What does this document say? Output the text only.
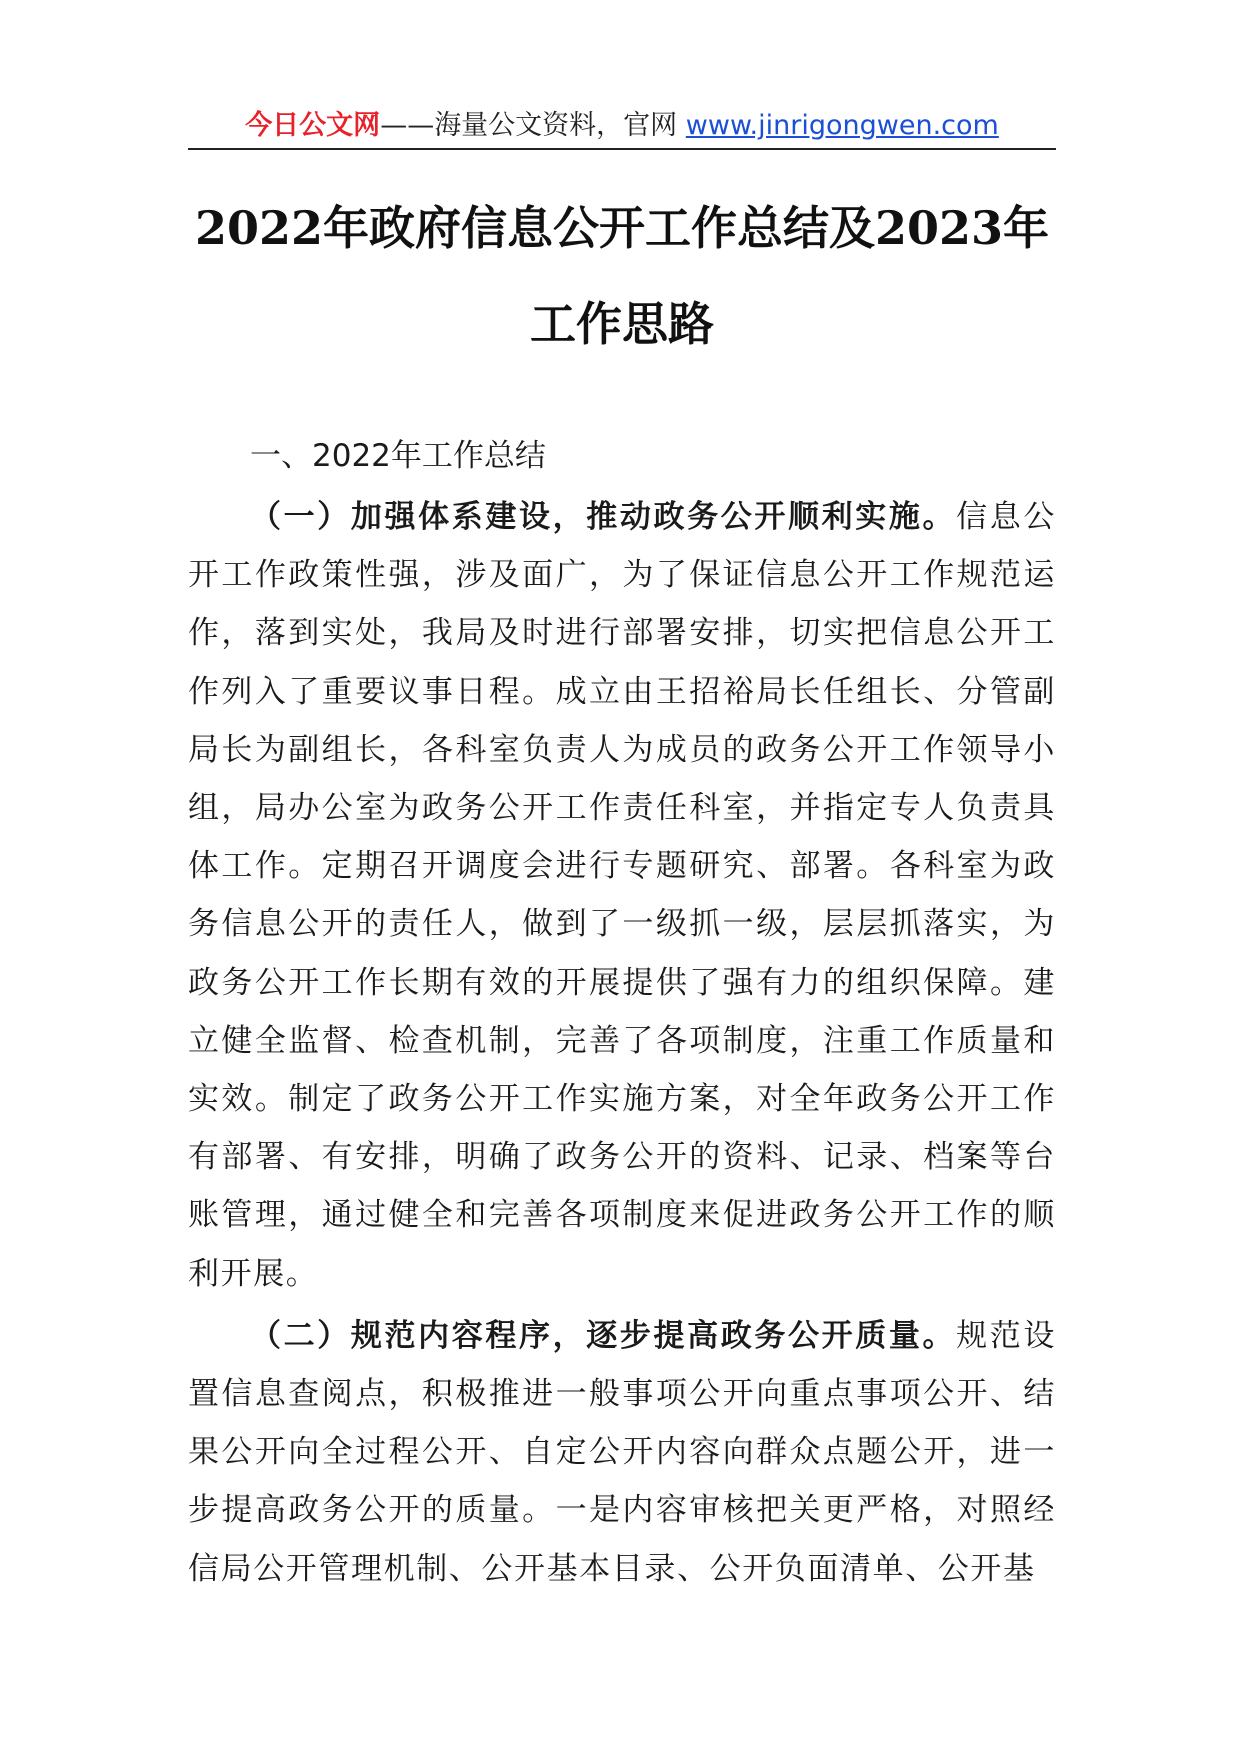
今日公文网——海量公文资料，官网 www.jinrigongwen.com
2022年政府信息公开工作总结及2023年工作思路
一、2022年工作总结

（一）加强体系建设，推动政务公开顺利实施。信息公开工作政策性强，涉及面广，为了保证信息公开工作规范运作，落到实处，我局及时进行部署安排，切实把信息公开工作列入了重要议事日程。成立由王招裕局长任组长、分管副局长为副组长，各科室负责人为成员的政务公开工作领导小组，局办公室为政务公开工作责任科室，并指定专人负责具体工作。定期召开调度会进行专题研究、部署。各科室为政务信息公开的责任人，做到了一级抓一级，层层抓落实，为政务公开工作长期有效的开展提供了强有力的组织保障。建立健全监督、检查机制，完善了各项制度，注重工作质量和实效。制定了政务公开工作实施方案，对全年政务公开工作有部署、有安排，明确了政务公开的资料、记录、档案等台账管理，通过健全和完善各项制度来促进政务公开工作的顺利开展。

（二）规范内容程序，逐步提高政务公开质量。规范设置信息查阅点，积极推进一般事项公开向重点事项公开、结果公开向全过程公开、自定公开内容向群众点题公开，进一步提高政务公开的质量。一是内容审核把关更严格，对照经信局公开管理机制、公开基本目录、公开负面清单、公开基
